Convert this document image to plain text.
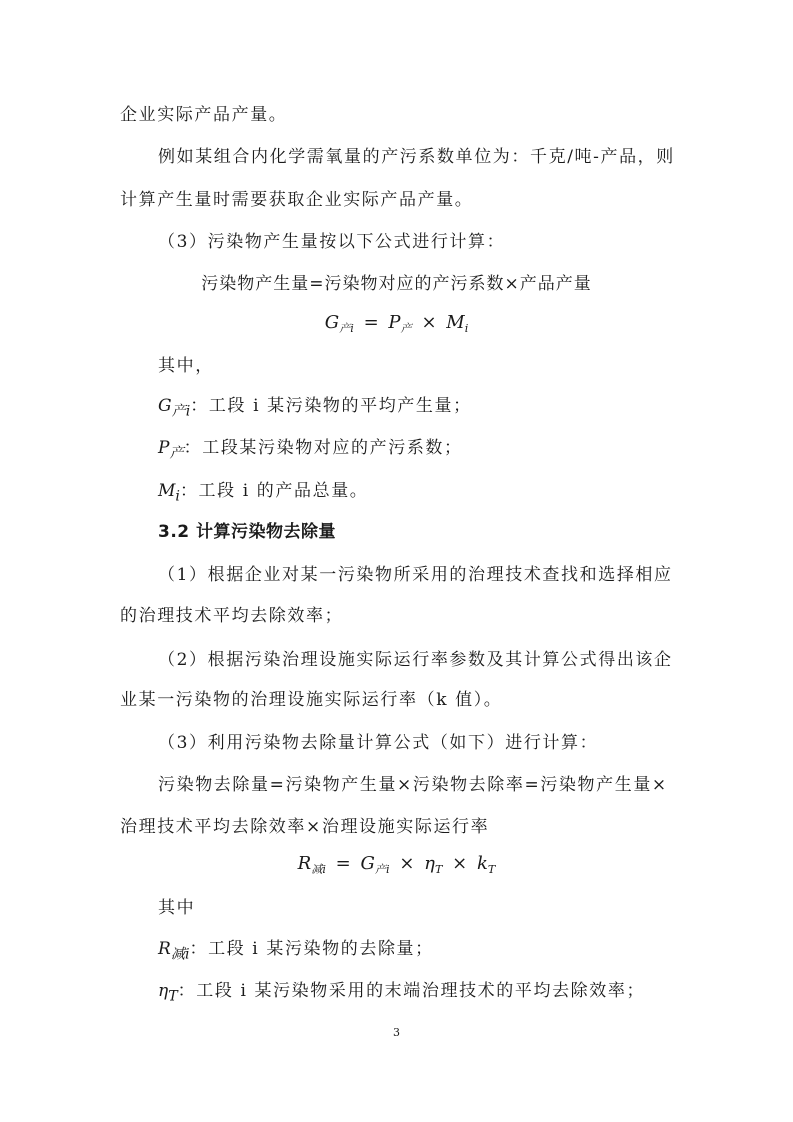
企业实际产品产量。
例如某组合内化学需氧量的产污系数单位为：千克/吨-产品，则
计算产生量时需要获取企业实际产品产量。
（3）污染物产生量按以下公式进行计算：
污染物产生量=污染物对应的产污系数×产品产量
$G_{产i} = P_产 \times M_i$
其中，
$G_{产i}$：工段 i 某污染物的平均产生量；
$P_产$：工段某污染物对应的产污系数；
$M_i$：工段 i 的产品总量。
3.2 计算污染物去除量
（1）根据企业对某一污染物所采用的治理技术查找和选择相应
的治理技术平均去除效率；
（2）根据污染治理设施实际运行率参数及其计算公式得出该企
业某一污染物的治理设施实际运行率（k 值）。
（3）利用污染物去除量计算公式（如下）进行计算：
污染物去除量=污染物产生量×污染物去除率=污染物产生量×
治理技术平均去除效率×治理设施实际运行率
$R_{减i} = G_{产i} \times \eta_T \times k_T$
其中
$R_{减i}$：工段 i 某污染物的去除量；
$\eta_T$：工段 i 某污染物采用的末端治理技术的平均去除效率；
3
